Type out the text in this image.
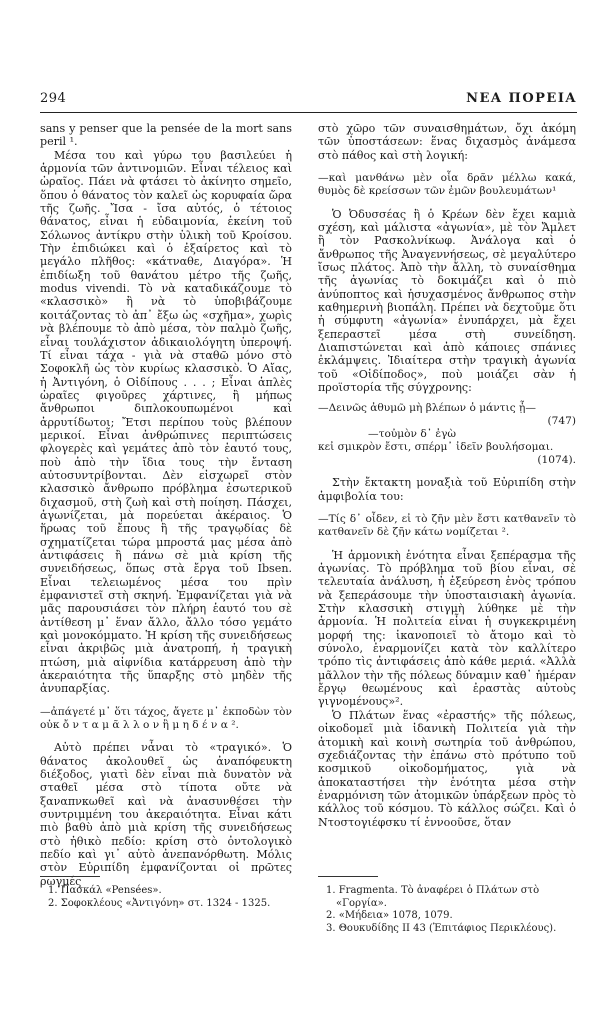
294	ΝΕΑ ΠΟΡΕΙΑ

sans y penser que la pensée de la mort sans peril ¹.

Μέσα του καὶ γύρω του βασιλεύει ἡ ἁρμονία τῶν ἀντινομιῶν. Εἶναι τέλειος καὶ ὡραῖος. Πάει νὰ φτάσει τὸ ἀκίνητο σημεῖο, ὅπου ὁ θάνατος τὸν καλεῖ ὡς κορυφαία ὥρα τῆς ζωῆς. Ἴσα - ἴσα αὐτός, ὁ τέτοιος θάνατος, εἶναι ἡ εὐδαιμονία, ἐκείνη τοῦ Σόλωνος ἀντίκρυ στὴν ὑλικὴ τοῦ Κροίσου. Τὴν ἐπιδιώκει καὶ ὁ ἐξαίρετος καὶ τὸ μεγάλο πλῆθος: «κάτναθε, Διαγόρα». Ἡ ἐπιδίωξη τοῦ θανάτου μέτρο τῆς ζωῆς, modus vivendi. Τὸ νὰ καταδικάζουμε τὸ «κλασσικὸ» ἢ νὰ τὸ ὑποβιβάζουμε κοιτάζοντας τὸ ἀπ᾽ ἔξω ὡς «σχῆμα», χωρὶς νὰ βλέπουμε τὸ ἀπὸ μέσα, τὸν παλμὸ ζωῆς, εἶναι τουλάχιστον ἀδικαιολόγητη ὑπεροψή. Τί εἶναι τάχα - γιὰ νὰ σταθῶ μόνο στὸ Σοφοκλῆ ὡς τὸν κυρίως κλασσικὸ. Ὁ Αἴας, ἡ Ἀντιγόνη, ὁ Οἰδίπους . . . ; Εἶναι ἁπλὲς ὡραῖες φιγοῦρες χάρτινες, ἢ μήπως ἄνθρωποι διπλοκουπωμένοι καὶ ἀρρυτίδωτοι; Ἔτσι περίπου τοὺς βλέπουν μερικοί. Εἶναι ἀνθρώπινες περιπτώσεις φλογερὲς καὶ γεμάτες ἀπὸ τὸν ἑαυτό τους, ποὺ ἀπὸ τὴν ἴδια τους τὴν ἔνταση αὐτοσυντρίβονται. Δὲν εἰσχωρεῖ στὸν κλασσικὸ ἄνθρωπο πρόβλημα ἐσωτερικοῦ διχασμοῦ, στὴ ζωὴ καὶ στὴ ποίηση. Πάσχει, ἀγωνίζεται, μὰ πορεύεται ἀκέραιος. Ὁ ἥρωας τοῦ ἔπους ἢ τῆς τραγῳδίας δὲ σχηματίζεται τώρα μπροστά μας μέσα ἀπὸ ἀντιφάσεις ἢ πάνω σὲ μιὰ κρίση τῆς συνειδήσεως, ὅπως στὰ ἔργα τοῦ Ibsen. Εἶναι τελειωμένος μέσα του πρὶν ἐμφανιστεῖ στὴ σκηνή. Ἐμφανίζεται γιὰ νὰ μᾶς παρουσιάσει τὸν πλήρη ἑαυτό του σὲ ἀντίθεση μ᾽ ἕναν ἄλλο, ἄλλο τόσο γεμάτο καὶ μονοκόμματο. Ἡ κρίση τῆς συνειδήσεως εἶναι ἀκριβῶς μιὰ ἀνατροπή, ἡ τραγικὴ πτώση, μιὰ αἰφνίδια κατάρρευση ἀπὸ τὴν ἀκεραιότητα τῆς ὕπαρξης στὸ μηδὲν τῆς ἀνυπαρξίας.

—ἀπάγετέ μ᾽ ὅτι τάχος, ἄγετε μ᾽ ἐκποδὼν τὸν οὐκ ὄ ν τ α μ ᾶ λ λ ο ν ἢ μ η δ έ ν α ².

Αὐτὸ πρέπει νἆναι τὸ «τραγικό». Ὁ θάνατος ἀκολουθεῖ ὡς ἀναπόφευκτη διέξοδος, γιατὶ δὲν εἶναι πιὰ δυνατὸν νὰ σταθεῖ μέσα στὸ τίποτα οὔτε νὰ ξαναπνκωθεῖ καὶ νὰ ἀνασυνθέσει τὴν συντριμμένη του ἀκεραιότητα. Εἶναι κάτι πιὸ βαθὺ ἀπὸ μιὰ κρίση τῆς συνειδήσεως στὸ ἠθικὸ πεδίο: κρίση στὸ ὀντολογικὸ πεδίο καὶ γι᾽ αὐτὸ ἀνεπανόρθωτη. Μόλις στὸν Εὐριπίδη ἐμφανίζονται οἱ πρῶτες ρωγμές

στὸ χῶρο τῶν συναισθημάτων, ὄχι ἀκόμη τῶν ὑποστάσεων: ἕνας διχασμὸς ἀνάμεσα στὸ πάθος καὶ στὴ λογική:

—καὶ μανθάνω μὲν οἷα δρᾶν μέλλω κακά, θυμὸς δὲ κρείσσων τῶν ἐμῶν βουλευμάτων¹

Ὁ Ὀδυσσέας ἢ ὁ Κρέων δὲν ἔχει καμιὰ σχέση, καὶ μάλιστα «ἀγωνία», μὲ τὸν Ἄμλετ ἢ τὸν Ρασκολνίκωφ. Ἀνάλογα καὶ ὁ ἄνθρωπος τῆς Ἀναγεννήσεως, σὲ μεγαλύτερο ἴσως πλάτος. Ἀπὸ τὴν ἄλλη, τὸ συναίσθημα τῆς ἀγωνίας τὸ δοκιμάζει καὶ ὁ πιὸ ἀνύποπτος καὶ ἡσυχασμένος ἄνθρωπος στὴν καθημερινὴ βιοπάλη. Πρέπει νὰ δεχτοῦμε ὅτι ἡ σύμφυτη «ἀγωνία» ἐνυπάρχει, μὰ ἔχει ξεπεραστεῖ μέσα στὴ συνείδηση. Διαπιστώνεται καὶ ἀπὸ κάποιες σπάνιες ἐκλάμψεις. Ἰδιαίτερα στὴν τραγικὴ ἀγωνία τοῦ «Οἰδίποδος», ποὺ μοιάζει σὰν ἡ προϊστορία τῆς σύγχρονης:

—Δεινῶς ἀθυμῶ μὴ βλέπων ὁ μάντις ᾖ—
(747)

—τοὐμὸν δ᾽ ἐγὼ
κεἰ σμικρὸν ἔστι, σπέρμ᾽ ἰδεῖν βουλήσομαι.
(1074).

Στὴν ἔκτακτη μοναξιὰ τοῦ Εὐριπίδη στὴν ἀμφιβολία του:

—Τίς δ᾽ οἶδεν, εἰ τὸ ζῆν μὲν ἔστι κατθανεῖν τὸ κατθανεῖν δὲ ζῆν κάτω νομίζεται ².

Ἡ ἁρμονικὴ ἑνότητα εἶναι ξεπέρασμα τῆς ἀγωνίας. Τὸ πρόβλημα τοῦ βίου εἶναι, σὲ τελευταία ἀνάλυση, ἡ ἐξεύρεση ἑνὸς τρόπου νὰ ξεπεράσουμε τὴν ὑποσταισιακὴ ἀγωνία. Στὴν κλασσικὴ στιγμὴ λύθηκε μὲ τὴν ἁρμονία. Ἡ πολιτεία εἶναι ἡ συγκεκριμένη μορφή της: ἱκανοποιεῖ τὸ ἄτομο καὶ τὸ σύνολο, ἐναρμονίζει κατὰ τὸν καλλίτερο τρόπο τὶς ἀντιφάσεις ἀπὸ κάθε μεριά. «Ἀλλὰ μᾶλλον τὴν τῆς πόλεως δύναμιν καθ᾽ ἡμέραν ἔργῳ θεωμένους καὶ ἐραστὰς αὐτοὺς γιγνομένους»².

Ὁ Πλάτων ἕνας «ἐραστής» τῆς πόλεως, οἰκοδομεῖ μιὰ ἰδανικὴ Πολιτεία γιὰ τὴν ἀτομικὴ καὶ κοινὴ σωτηρία τοῦ ἀνθρώπου, σχεδιάζοντας τὴν ἐπάνω στὸ πρότυπο τοῦ κοσμικοῦ οἰκοδομήματος, γιὰ νὰ ἀποκαταστήσει τὴν ἑνότητα μέσα στὴν ἐναρμόνιση τῶν ἀτομικῶν ὑπάρξεων πρὸς τὸ κάλλος τοῦ κόσμου. Τὸ κάλλος σώζει. Καὶ ὁ Ντοστογιέφσκυ τί ἐννοοῦσε, ὅταν

1. Πασκάλ «Pensées».

2. Σοφοκλέους «Ἀντιγόνη» στ. 1324 - 1325.

1. Fragmenta. Τὸ ἀναφέρει ὁ Πλάτων στὸ «Γοργία».

2. «Μήδεια» 1078, 1079.

3. Θουκυδίδης II 43 (Ἐπιτάφιος Περικλέους).
